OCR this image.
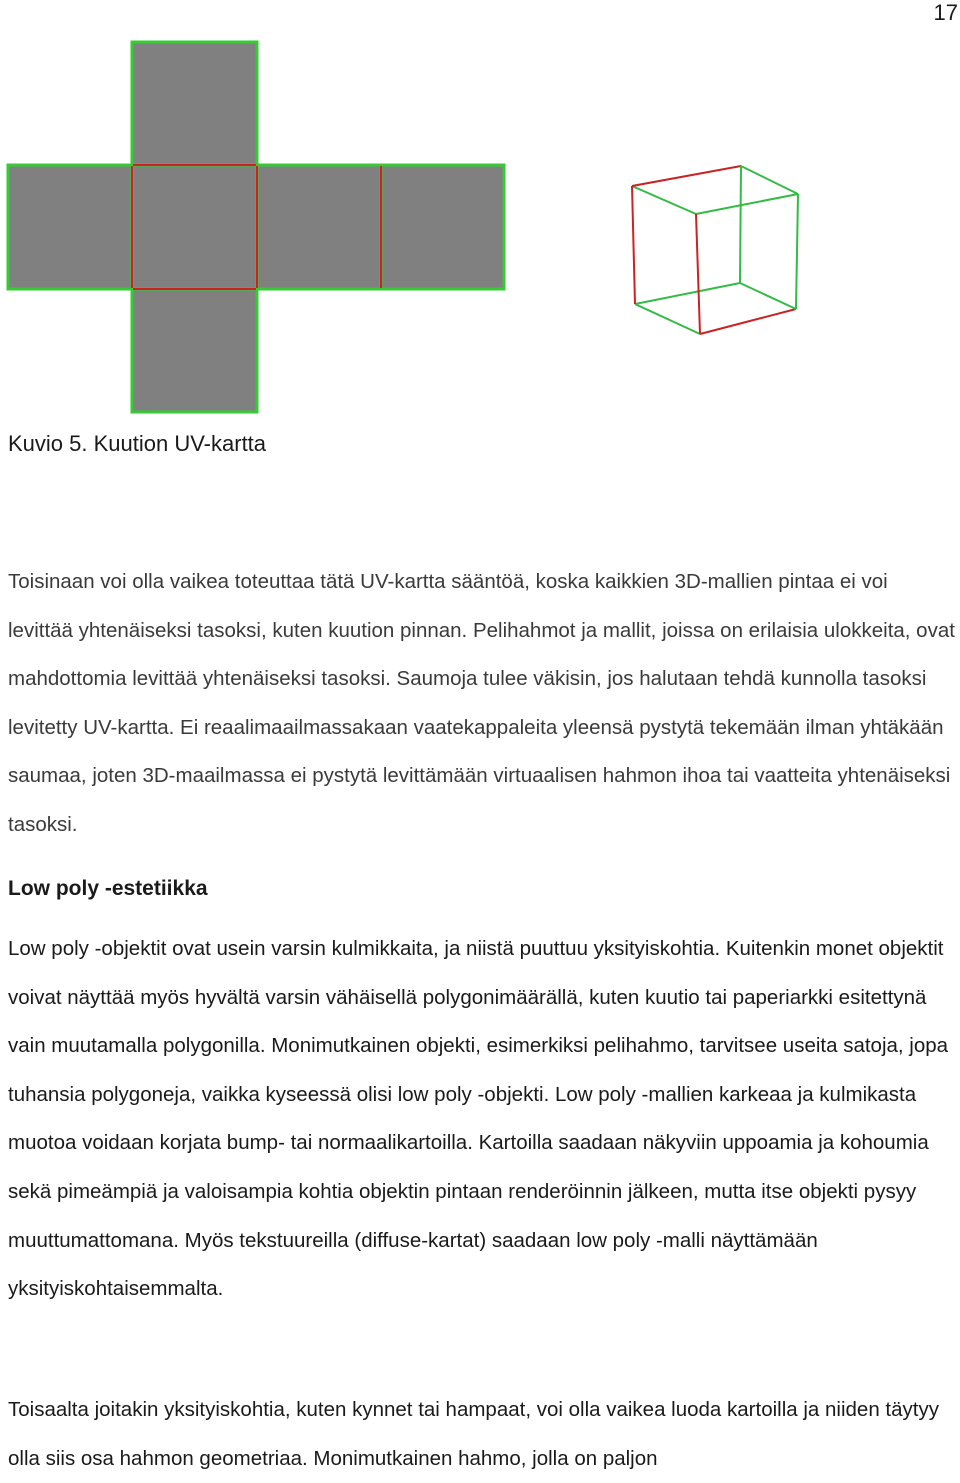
17
Kuvio 5. Kuution UV-kartta

Toisinaan voi olla vaikea toteuttaa tätä UV-kartta sääntöä, koska kaikkien 3D-mallien pintaa ei voi levittää yhtenäiseksi tasoksi, kuten kuution pinnan. Pelihahmot ja mallit, joissa on erilaisia ulokkeita, ovat mahdottomia levittää yhtenäiseksi tasoksi. Saumoja tulee väkisin, jos halutaan tehdä kunnolla tasoksi levitetty UV-kartta. Ei reaalimaailmassakaan vaatekappaleita yleensä pystytä tekemään ilman yhtäkään saumaa, joten 3D-maailmassa ei pystytä levittämään virtuaalisen hahmon ihoa tai vaatteita yhtenäiseksi tasoksi.

Low poly -estetiikka

Low poly -objektit ovat usein varsin kulmikkaita, ja niistä puuttuu yksityiskohtia. Kuitenkin monet objektit voivat näyttää myös hyvältä varsin vähäisellä polygonimäärällä, kuten kuutio tai paperiarkki esitettynä vain muutamalla polygonilla. Monimutkainen objekti, esimerkiksi pelihahmo, tarvitsee useita satoja, jopa tuhansia polygoneja, vaikka kyseessä olisi low poly -objekti. Low poly -mallien karkeaa ja kulmikasta muotoa voidaan korjata bump- tai normaalikartoilla. Kartoilla saadaan näkyviin uppoamia ja kohoumia sekä pimeämpiä ja valoisampia kohtia objektin pintaan renderöinnin jälkeen, mutta itse objekti pysyy muuttumattomana. Myös tekstuureilla (diffuse-kartat) saadaan low poly -malli näyttämään yksityiskohtaisemmalta.

Toisaalta joitakin yksityiskohtia, kuten kynnet tai hampaat, voi olla vaikea luoda kartoilla ja niiden täytyy olla siis osa hahmon geometriaa. Monimutkainen hahmo, jolla on paljon
